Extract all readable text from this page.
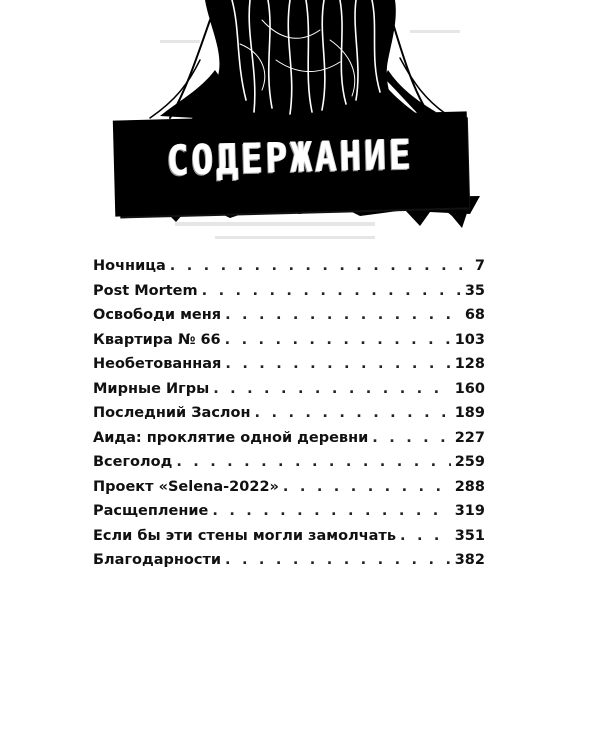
СОДЕРЖАНИЕ
Ночница . . .	7
Post Mortem . . .	35
Освободи меня . . .	68
Квартира № 66 . . .	103
Необетованная . . .	128
Мирные Игры . . .	160
Последний Заслон . . .	189
Аида: проклятие одной деревни . . .	227
Всеголод . . .	259
Проект «Selena-2022» . . .	288
Расщепление . . .	319
Если бы эти стены могли замолчать . . .	351
Благодарности . . .	382
